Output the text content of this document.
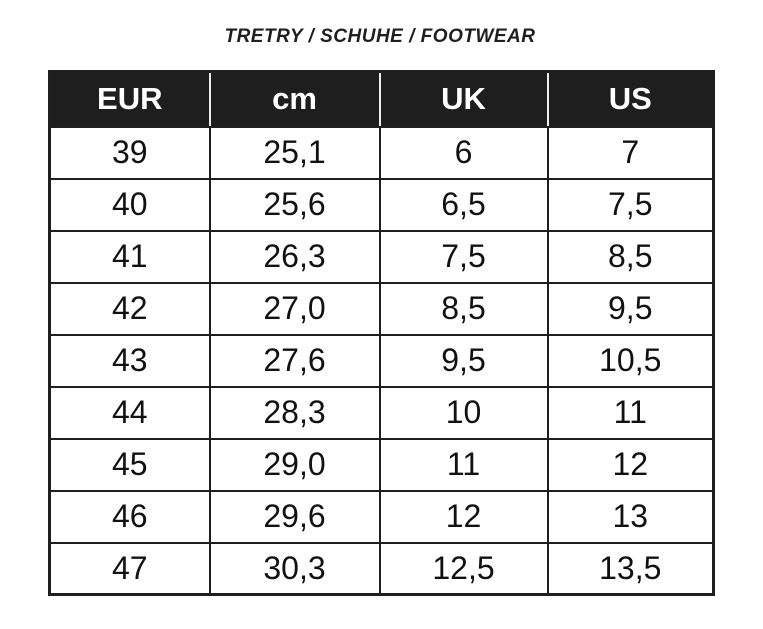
TRETRY / SCHUHE / FOOTWEAR
EUR	cm	UK	US
39	25,1	6	7
40	25,6	6,5	7,5
41	26,3	7,5	8,5
42	27,0	8,5	9,5
43	27,6	9,5	10,5
44	28,3	10	11
45	29,0	11	12
46	29,6	12	13
47	30,3	12,5	13,5
